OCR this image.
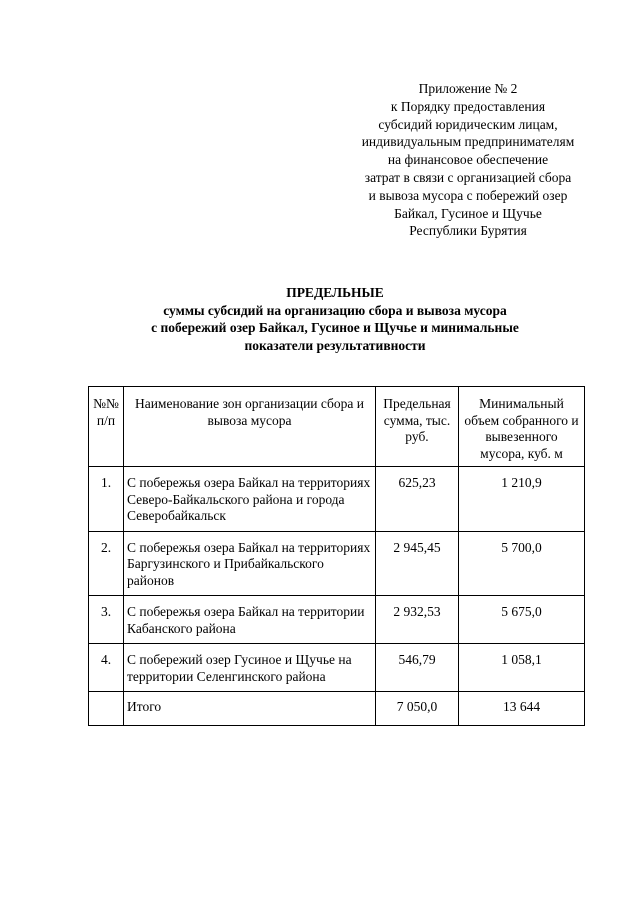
Приложение № 2
к Порядку предоставления
субсидий юридическим лицам,
индивидуальным предпринимателям
на финансовое обеспечение
затрат в связи с организацией сбора
и вывоза мусора с побережий озер
Байкал, Гусиное и Щучье
Республики Бурятия
ПРЕДЕЛЬНЫЕ
суммы субсидий на организацию сбора и вывоза мусора
с побережий озер Байкал, Гусиное и Щучье и минимальные
показатели результативности
№№ п/п	Наименование зон организации сбора и вывоза мусора	Предельная сумма, тыс. руб.	Минимальный объем собранного и вывезенного мусора, куб. м
1.	С побережья озера Байкал на территориях Северо-Байкальского района и города Северобайкальск	625,23	1 210,9
2.	С побережья озера Байкал на территориях Баргузинского и Прибайкальского районов	2 945,45	5 700,0
3.	С побережья озера Байкал на территории Кабанского района	2 932,53	5 675,0
4.	С побережий озер Гусиное и Щучье на территории Селенгинского района	546,79	1 058,1
	Итого	7 050,0	13 644
